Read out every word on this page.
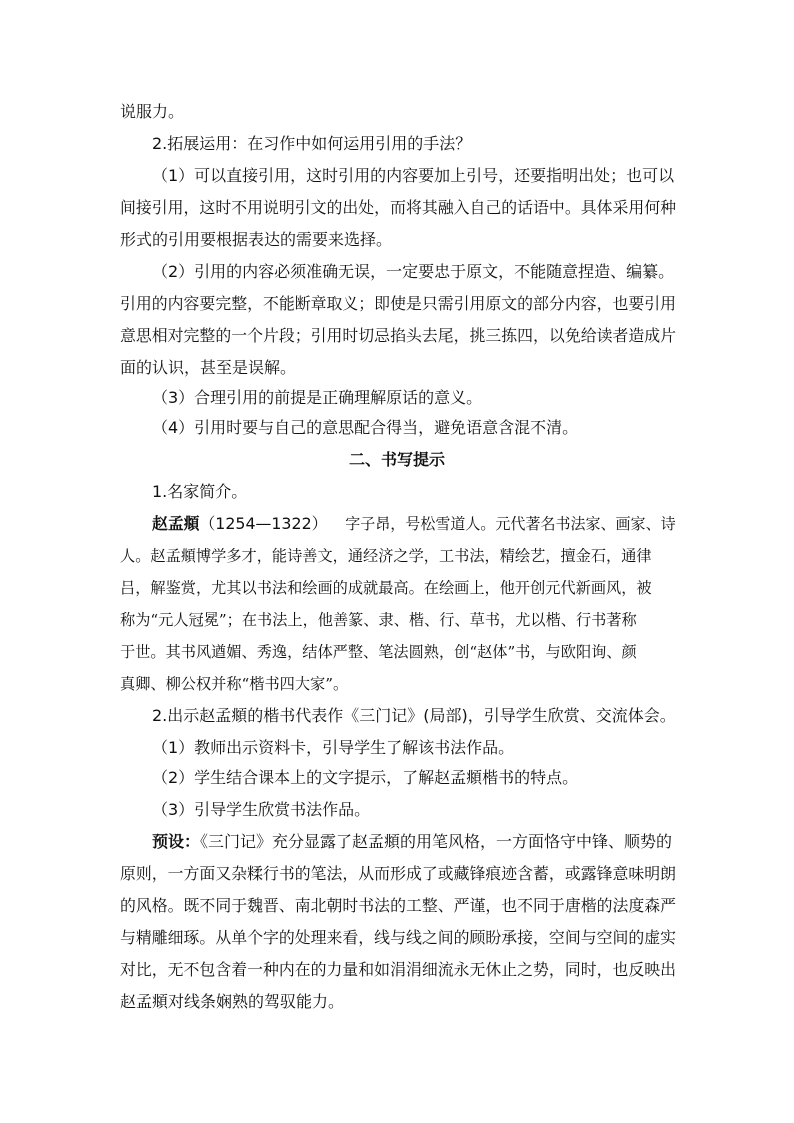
说服力。
2.拓展运用：在习作中如何运用引用的手法？
（1）可以直接引用，这时引用的内容要加上引号，还要指明出处；也可以
间接引用，这时不用说明引文的出处，而将其融入自己的话语中。具体采用何种
形式的引用要根据表达的需要来选择。
（2）引用的内容必须准确无误，一定要忠于原文，不能随意捏造、编纂。
引用的内容要完整，不能断章取义；即使是只需引用原文的部分内容，也要引用
意思相对完整的一个片段；引用时切忌掐头去尾，挑三拣四，以免给读者造成片
面的认识，甚至是误解。
（3）合理引用的前提是正确理解原话的意义。
（4）引用时要与自己的意思配合得当，避免语意含混不清。
二、书写提示
1.名家简介。
赵孟頫（1254—1322） 字子昂，号松雪道人。元代著名书法家、画家、诗
人。赵孟頫博学多才，能诗善文，通经济之学，工书法，精绘艺，擅金石，通律
吕，解鉴赏，尤其以书法和绘画的成就最高。在绘画上，他开创元代新画风，被
称为“元人冠冕”；在书法上，他善篆、隶、楷、行、草书，尤以楷、行书著称
于世。其书风遒媚、秀逸，结体严整、笔法圆熟，创“赵体”书，与欧阳询、颜
真卿、柳公权并称“楷书四大家”。
2.出示赵孟頫的楷书代表作《三门记》(局部)，引导学生欣赏、交流体会。
（1）教师出示资料卡，引导学生了解该书法作品。
（2）学生结合课本上的文字提示，了解赵孟頫楷书的特点。
（3）引导学生欣赏书法作品。
预设：《三门记》充分显露了赵孟頫的用笔风格，一方面恪守中锋、顺势的
原则，一方面又杂糅行书的笔法，从而形成了或藏锋痕迹含蓄，或露锋意味明朗
的风格。既不同于魏晋、南北朝时书法的工整、严谨，也不同于唐楷的法度森严
与精雕细琢。从单个字的处理来看，线与线之间的顾盼承接，空间与空间的虚实
对比，无不包含着一种内在的力量和如涓涓细流永无休止之势，同时，也反映出
赵孟頫对线条娴熟的驾驭能力。
